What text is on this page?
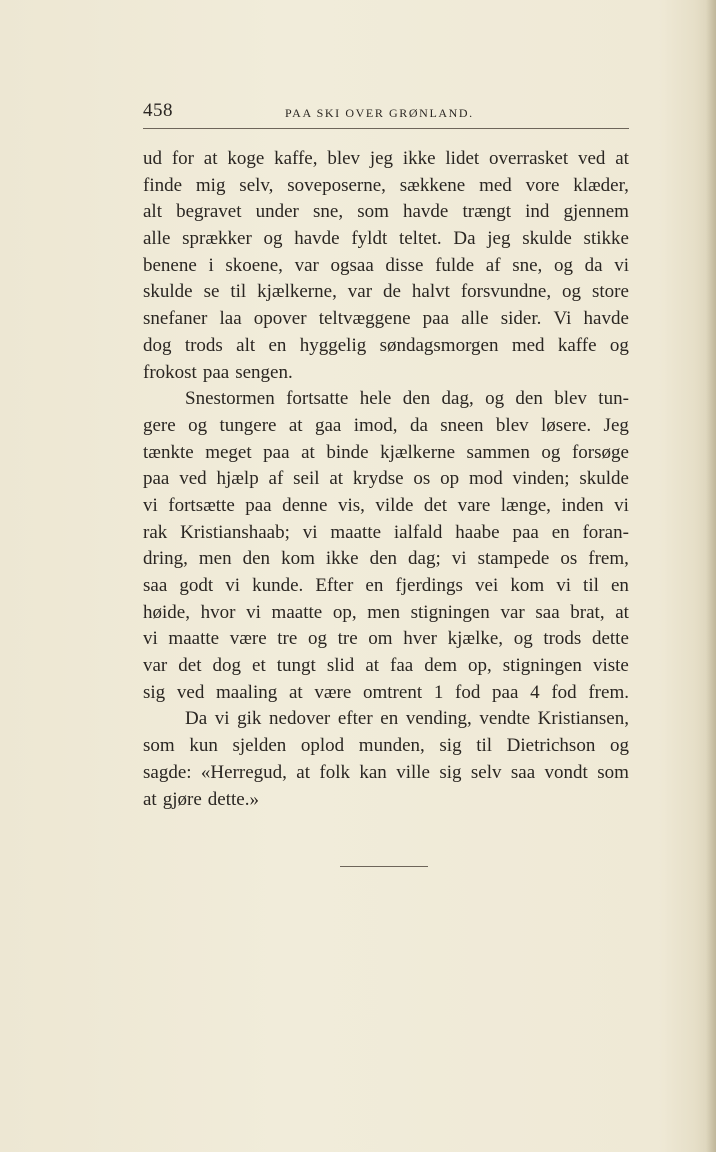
458	PAA SKI OVER GRØNLAND.
ud for at koge kaffe, blev jeg ikke lidet overrasket ved at
finde mig selv, soveposerne, sækkene med vore klæder,
alt begravet under sne, som havde trængt ind gjennem
alle sprækker og havde fyldt teltet. Da jeg skulde stikke
benene i skoene, var ogsaa disse fulde af sne, og da vi
skulde se til kjælkerne, var de halvt forsvundne, og store
snefaner laa opover teltvæggene paa alle sider. Vi havde
dog trods alt en hyggelig søndagsmorgen med kaffe og
frokost paa sengen.
Snestormen fortsatte hele den dag, og den blev tun-
gere og tungere at gaa imod, da sneen blev løsere. Jeg
tænkte meget paa at binde kjælkerne sammen og forsøge
paa ved hjælp af seil at krydse os op mod vinden; skulde
vi fortsætte paa denne vis, vilde det vare længe, inden vi
rak Kristianshaab; vi maatte ialfald haabe paa en foran-
dring, men den kom ikke den dag; vi stampede os frem,
saa godt vi kunde. Efter en fjerdings vei kom vi til en
høide, hvor vi maatte op, men stigningen var saa brat, at
vi maatte være tre og tre om hver kjælke, og trods dette
var det dog et tungt slid at faa dem op, stigningen viste
sig ved maaling at være omtrent 1 fod paa 4 fod frem.
Da vi gik nedover efter en vending, vendte Kristiansen,
som kun sjelden oplod munden, sig til Dietrichson og
sagde: «Herregud, at folk kan ville sig selv saa vondt som
at gjøre dette.»
